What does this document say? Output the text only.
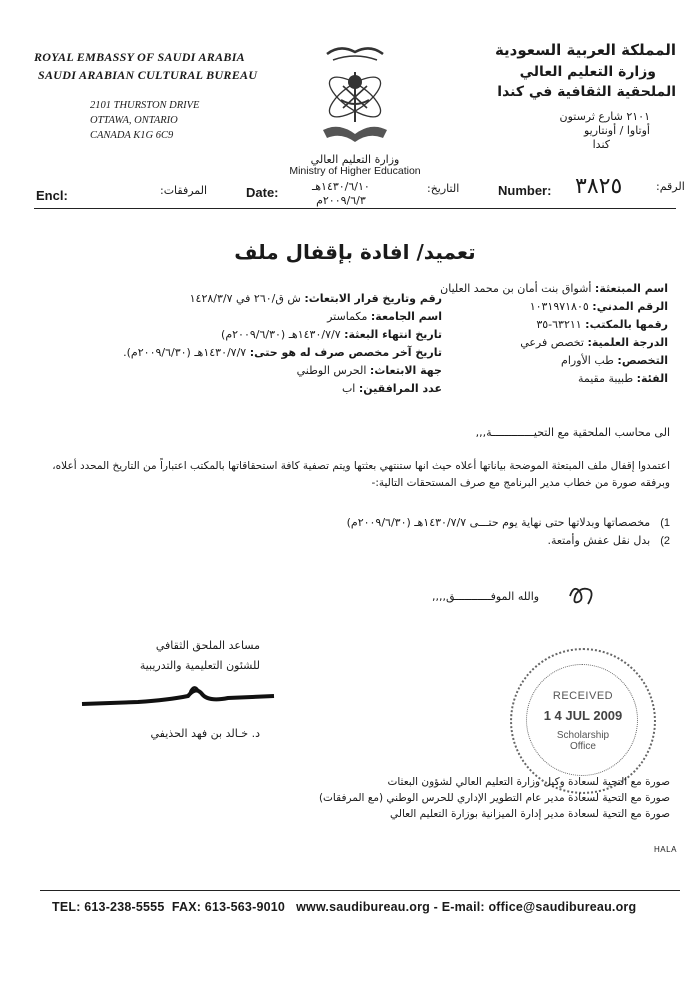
ROYAL EMBASSY OF SAUDI ARABIA
SAUDI ARABIAN CULTURAL BUREAU
2101 THURSTON DRIVE
OTTAWA, ONTARIO
CANADA K1G 6C9
وزارة التعليم العالي
Ministry of Higher Education
المملكة العربية السعودية
وزارة التعليم العالي
الملحقية الثقافية في كندا
٢١٠١ شارع ثرستون
أوتاوا / أونتاريو
كندا
Encl:	المرفقات:	Date:	١٤٣٠/٦/١٠هـ
٢٠٠٩/٦/٣م
التاريخ:	Number: ٣٨٢٥	الرقم:
تعميد/ افادة بإقفال ملف
اسم المبتعثة: أشواق بنت أمان بن محمد العليان
الرقم المدني: ١٠٣١٩٧١٨٠٥
رقمها بالمكتب: ٦٣٢١١-٣٥
الدرجة العلمية: تخصص فرعي
التخصص: طب الأورام
الفئة: طبيبة مقيمة
رقم وتاريخ قرار الابتعاث: ش ق/٢٦٠ في ١٤٢٨/٣/٧
اسم الجامعة: مكماستر
تاريخ انتهاء البعثة: ١٤٣٠/٧/٧هـ (٢٠٠٩/٦/٣٠م)
تاريخ آخر مخصص صرف له هو حتى: ١٤٣٠/٧/٧هـ (٢٠٠٩/٦/٣٠م).
جهة الابتعاث: الحرس الوطني
عدد المرافقين: اب
الى محاسب الملحقية مع التحيـــــــــــــة,,,
اعتمدوا إقفال ملف المبتعثة الموضحة بياناتها أعلاه حيث انها ستنتهي بعثتها ويتم تصفية كافة استحقاقاتها بالمكتب اعتباراً من التاريخ المحدد أعلاه، وبرفقه صورة من خطاب مدير البرنامج مع صرف المستحقات التالية:-
1)مخصصاتها وبدلاتها حتى نهاية يوم حتـــى ١٤٣٠/٧/٧هـ (٢٠٠٩/٦/٣٠م)
2)بدل نقل عفش وأمتعة.
والله الموفـــــــــــق,,,,
مساعد الملحق الثقافي
للشئون التعليمية والتدريبية
د. خـالد بن فهد الحذيفي
RECEIVED
1 4 JUL 2009
Scholarship
Office
صورة مع التحية لسعادة وكيل وزارة التعليم العالي لشؤون البعثات
صورة مع التحية لسعادة مدير عام التطوير الإداري للحرس الوطني (مع المرفقات)
صورة مع التحية لسعادة مدير إدارة الميزانية بوزارة التعليم العالي
HALA
TEL: 613-238-5555 FAX: 613-563-9010 www.saudibureau.org - E-mail: office@saudibureau.org
